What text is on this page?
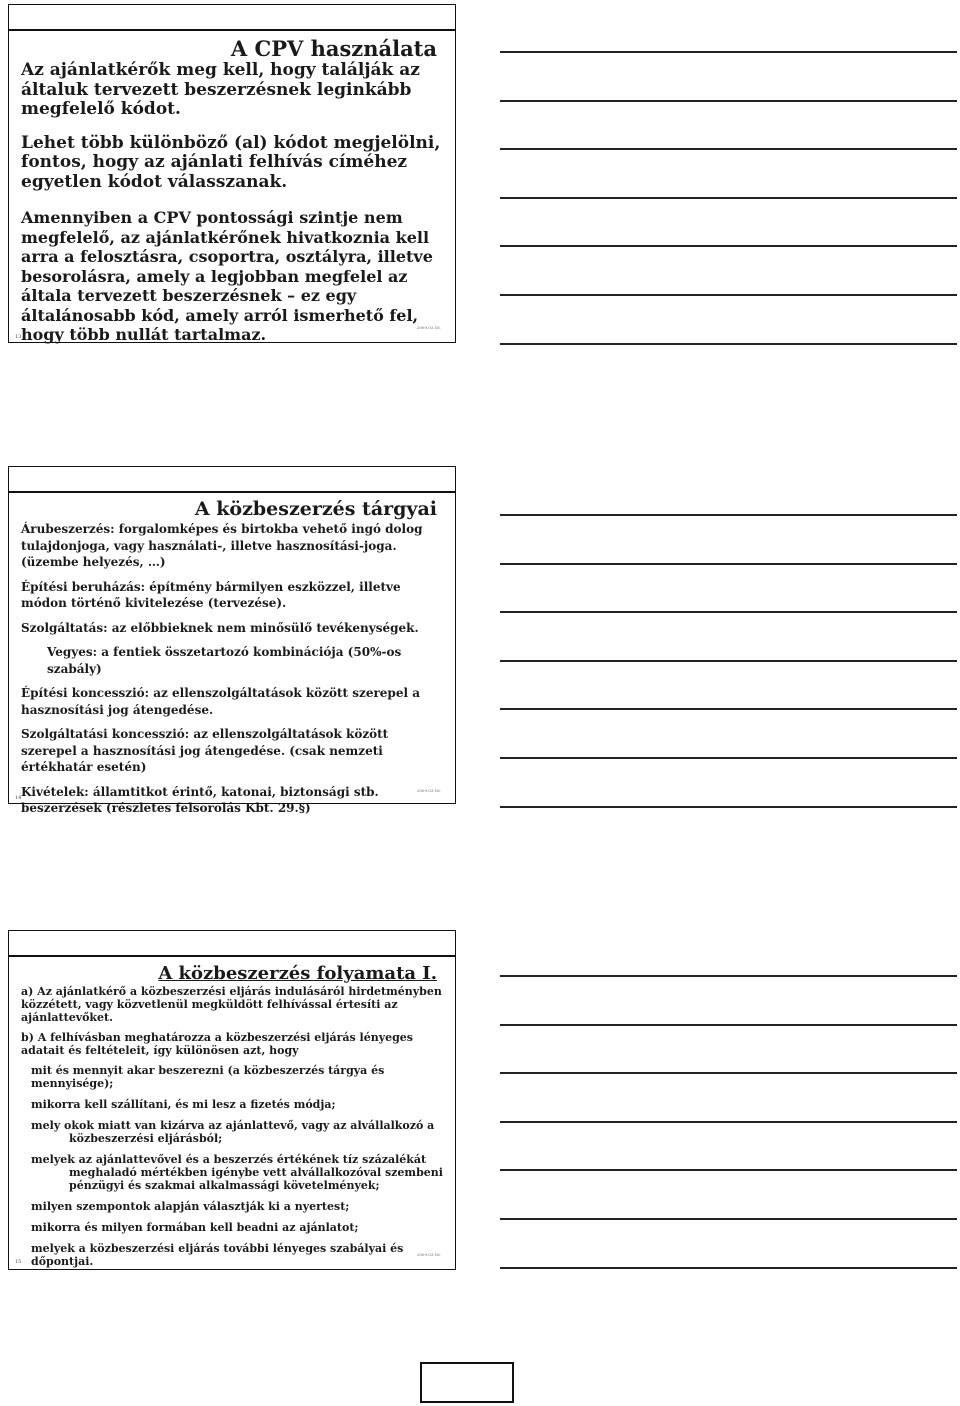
A CPV használata

Az ajánlatkérők meg kell, hogy találják az általuk tervezett beszerzésnek leginkább megfelelő kódot.

Lehet több különböző (al) kódot megjelölni, fontos, hogy az ajánlati felhívás címéhez egyetlen kódot válasszanak.

Amennyiben a CPV pontossági szintje nem megfelelő, az ajánlatkérőnek hivatkoznia kell arra a felosztásra, csoportra, osztályra, illetve besorolásra, amely a legjobban megfelel az általa tervezett beszerzésnek – ez egy általánosabb kód, amely arról ismerhető fel, hogy több nullát tartalmaz.	2009.03.16.
13
A közbeszerzés tárgyai

Árubeszerzés: forgalomképes és birtokba vehető ingó dolog tulajdonjoga, vagy használati-, illetve hasznosítási-joga. (üzembe helyezés, …)

Építési beruházás: építmény bármilyen eszközzel, illetve módon történő kivitelezése (tervezése).

Szolgáltatás: az előbbieknek nem minősülő tevékenységek.

Vegyes: a fentiek összetartozó kombinációja (50%-os szabály)

Építési koncesszió: az ellenszolgáltatások között szerepel a hasznosítási jog átengedése.

Szolgáltatási koncesszió: az ellenszolgáltatások között szerepel a hasznosítási jog átengedése. (csak nemzeti értékhatár esetén)

Kivételek: államtitkot érintő, katonai, biztonsági stb. beszerzések (részletes felsorolás Kbt. 29.§)

2009.03.16.
14
A közbeszerzés folyamata I.

a) Az ajánlatkérő a közbeszerzési eljárás indulásáról hirdetményben közzétett, vagy közvetlenül megküldött felhívással értesíti az ajánlattevőket.

b) A felhívásban meghatározza a közbeszerzési eljárás lényeges adatait és feltételeit, így különösen azt, hogy

mit és mennyit akar beszerezni (a közbeszerzés tárgya és mennyisége);
mikorra kell szállítani, és mi lesz a fizetés módja;
mely okok miatt van kizárva az ajánlattevő, vagy az alvállalkozó a
közbeszerzési eljárásból;
melyek az ajánlattevővel és a beszerzés értékének tíz százalékát
meghaladó mértékben igénybe vett alvállalkozóval szembeni pénzügyi és szakmai alkalmassági követelmények;
milyen szempontok alapján választják ki a nyertest;
mikorra és milyen formában kell beadni az ajánlatot;
melyek a közbeszerzési eljárás további lényeges szabályai és dőpontjai.
2009.03.16.
15
